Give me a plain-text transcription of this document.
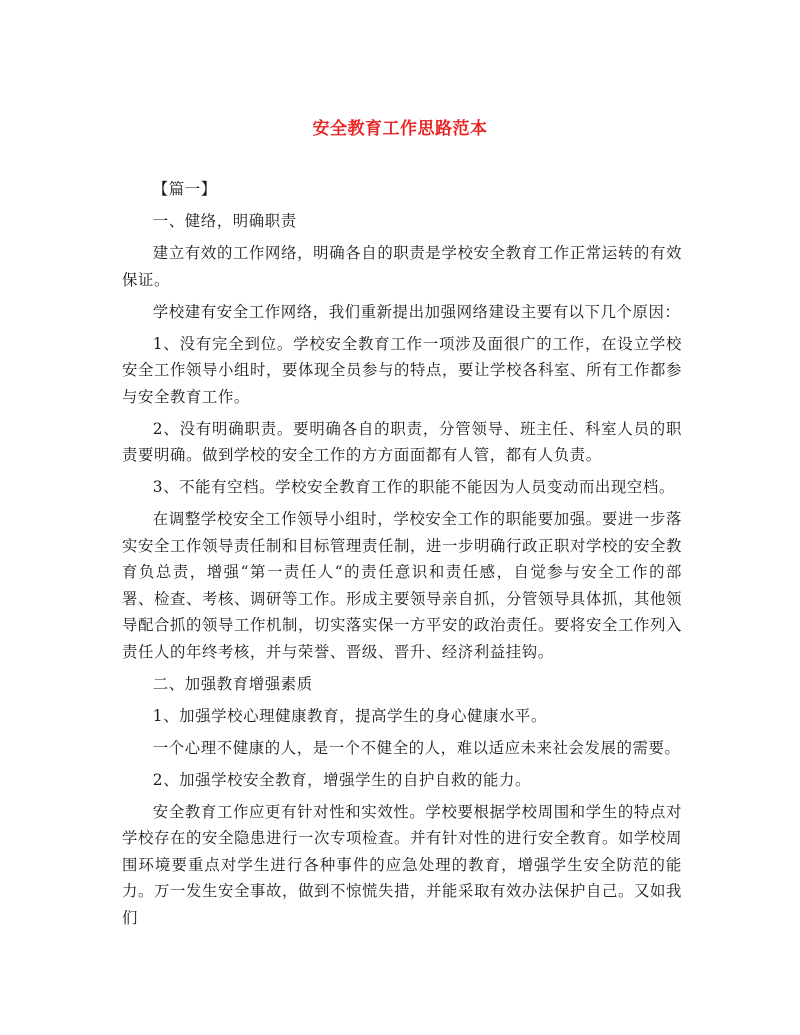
安全教育工作思路范本

【篇一】

一、健络，明确职责

建立有效的工作网络，明确各自的职责是学校安全教育工作正常运转的有效保证。

学校建有安全工作网络，我们重新提出加强网络建设主要有以下几个原因：

1、没有完全到位。学校安全教育工作一项涉及面很广的工作，在设立学校安全工作领导小组时，要体现全员参与的特点，要让学校各科室、所有工作都参与安全教育工作。

2、没有明确职责。要明确各自的职责，分管领导、班主任、科室人员的职责要明确。做到学校的安全工作的方方面面都有人管，都有人负责。

3、不能有空档。学校安全教育工作的职能不能因为人员变动而出现空档。

在调整学校安全工作领导小组时，学校安全工作的职能要加强。要进一步落实安全工作领导责任制和目标管理责任制，进一步明确行政正职对学校的安全教育负总责，增强“第一责任人“的责任意识和责任感，自觉参与安全工作的部署、检查、考核、调研等工作。形成主要领导亲自抓，分管领导具体抓，其他领导配合抓的领导工作机制，切实落实保一方平安的政治责任。要将安全工作列入责任人的年终考核，并与荣誉、晋级、晋升、经济利益挂钩。

二、加强教育增强素质

1、加强学校心理健康教育，提高学生的身心健康水平。

一个心理不健康的人，是一个不健全的人，难以适应未来社会发展的需要。

2、加强学校安全教育，增强学生的自护自救的能力。

安全教育工作应更有针对性和实效性。学校要根据学校周围和学生的特点对学校存在的安全隐患进行一次专项检查。并有针对性的进行安全教育。如学校周围环境要重点对学生进行各种事件的应急处理的教育，增强学生安全防范的能力。万一发生安全事故，做到不惊慌失措，并能采取有效办法保护自己。又如我们
